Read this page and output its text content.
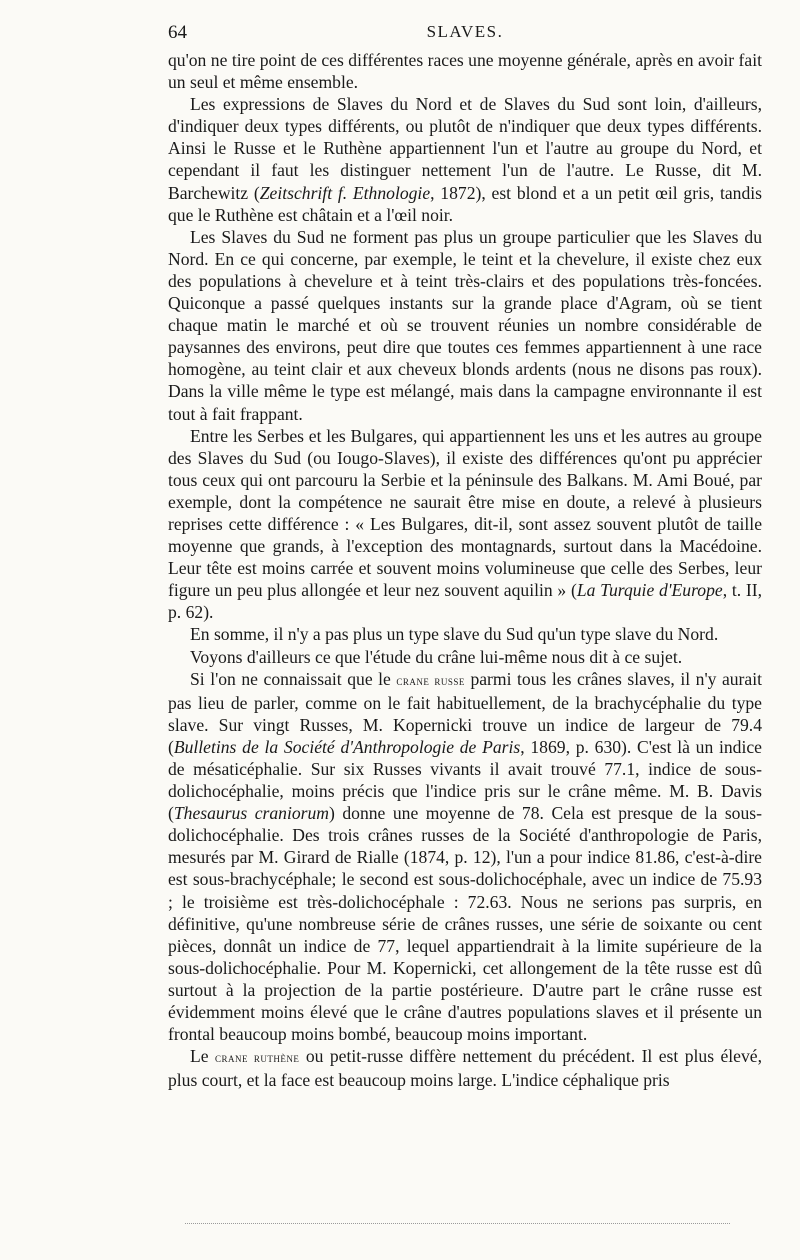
64	SLAVES.

qu'on ne tire point de ces différentes races une moyenne générale, après en avoir fait un seul et même ensemble.

Les expressions de Slaves du Nord et de Slaves du Sud sont loin, d'ailleurs, d'indiquer deux types différents, ou plutôt de n'indiquer que deux types différents. Ainsi le Russe et le Ruthène appartiennent l'un et l'autre au groupe du Nord, et cependant il faut les distinguer nettement l'un de l'autre. Le Russe, dit M. Barchewitz (Zeitschrift f. Ethnologie, 1872), est blond et a un petit œil gris, tandis que le Ruthène est châtain et a l'œil noir.

Les Slaves du Sud ne forment pas plus un groupe particulier que les Slaves du Nord. En ce qui concerne, par exemple, le teint et la chevelure, il existe chez eux des populations à chevelure et à teint très-clairs et des populations très-foncées. Quiconque a passé quelques instants sur la grande place d'Agram, où se tient chaque matin le marché et où se trouvent réunies un nombre considérable de paysannes des environs, peut dire que toutes ces femmes appartiennent à une race homogène, au teint clair et aux cheveux blonds ardents (nous ne disons pas roux). Dans la ville même le type est mélangé, mais dans la campagne environnante il est tout à fait frappant.

Entre les Serbes et les Bulgares, qui appartiennent les uns et les autres au groupe des Slaves du Sud (ou Iougo-Slaves), il existe des différences qu'ont pu apprécier tous ceux qui ont parcouru la Serbie et la péninsule des Balkans. M. Ami Boué, par exemple, dont la compétence ne saurait être mise en doute, a relevé à plusieurs reprises cette différence : « Les Bulgares, dit-il, sont assez souvent plutôt de taille moyenne que grands, à l'exception des montagnards, surtout dans la Macédoine. Leur tête est moins carrée et souvent moins volumineuse que celle des Serbes, leur figure un peu plus allongée et leur nez souvent aquilin » (La Turquie d'Europe, t. II, p. 62).

En somme, il n'y a pas plus un type slave du Sud qu'un type slave du Nord.

Voyons d'ailleurs ce que l'étude du crâne lui-même nous dit à ce sujet.

Si l'on ne connaissait que le crane russe parmi tous les crânes slaves, il n'y aurait pas lieu de parler, comme on le fait habituellement, de la brachycéphalie du type slave. Sur vingt Russes, M. Kopernicki trouve un indice de largeur de 79.4 (Bulletins de la Société d'Anthropologie de Paris, 1869, p. 630). C'est là un indice de mésaticéphalie. Sur six Russes vivants il avait trouvé 77.1, indice de sous-dolichocéphalie, moins précis que l'indice pris sur le crâne même. M. B. Davis (Thesaurus craniorum) donne une moyenne de 78. Cela est presque de la sous-dolichocéphalie. Des trois crânes russes de la Société d'anthropologie de Paris, mesurés par M. Girard de Rialle (1874, p. 12), l'un a pour indice 81.86, c'est-à-dire est sous-brachycéphale; le second est sous-dolichocéphale, avec un indice de 75.93 ; le troisième est très-dolichocéphale : 72.63. Nous ne serions pas surpris, en définitive, qu'une nombreuse série de crânes russes, une série de soixante ou cent pièces, donnât un indice de 77, lequel appartiendrait à la limite supérieure de la sous-dolichocéphalie. Pour M. Kopernicki, cet allongement de la tête russe est dû surtout à la projection de la partie postérieure. D'autre part le crâne russe est évidemment moins élevé que le crâne d'autres populations slaves et il présente un frontal beaucoup moins bombé, beaucoup moins important.

Le crane ruthène ou petit-russe diffère nettement du précédent. Il est plus élevé, plus court, et la face est beaucoup moins large. L'indice céphalique pris
